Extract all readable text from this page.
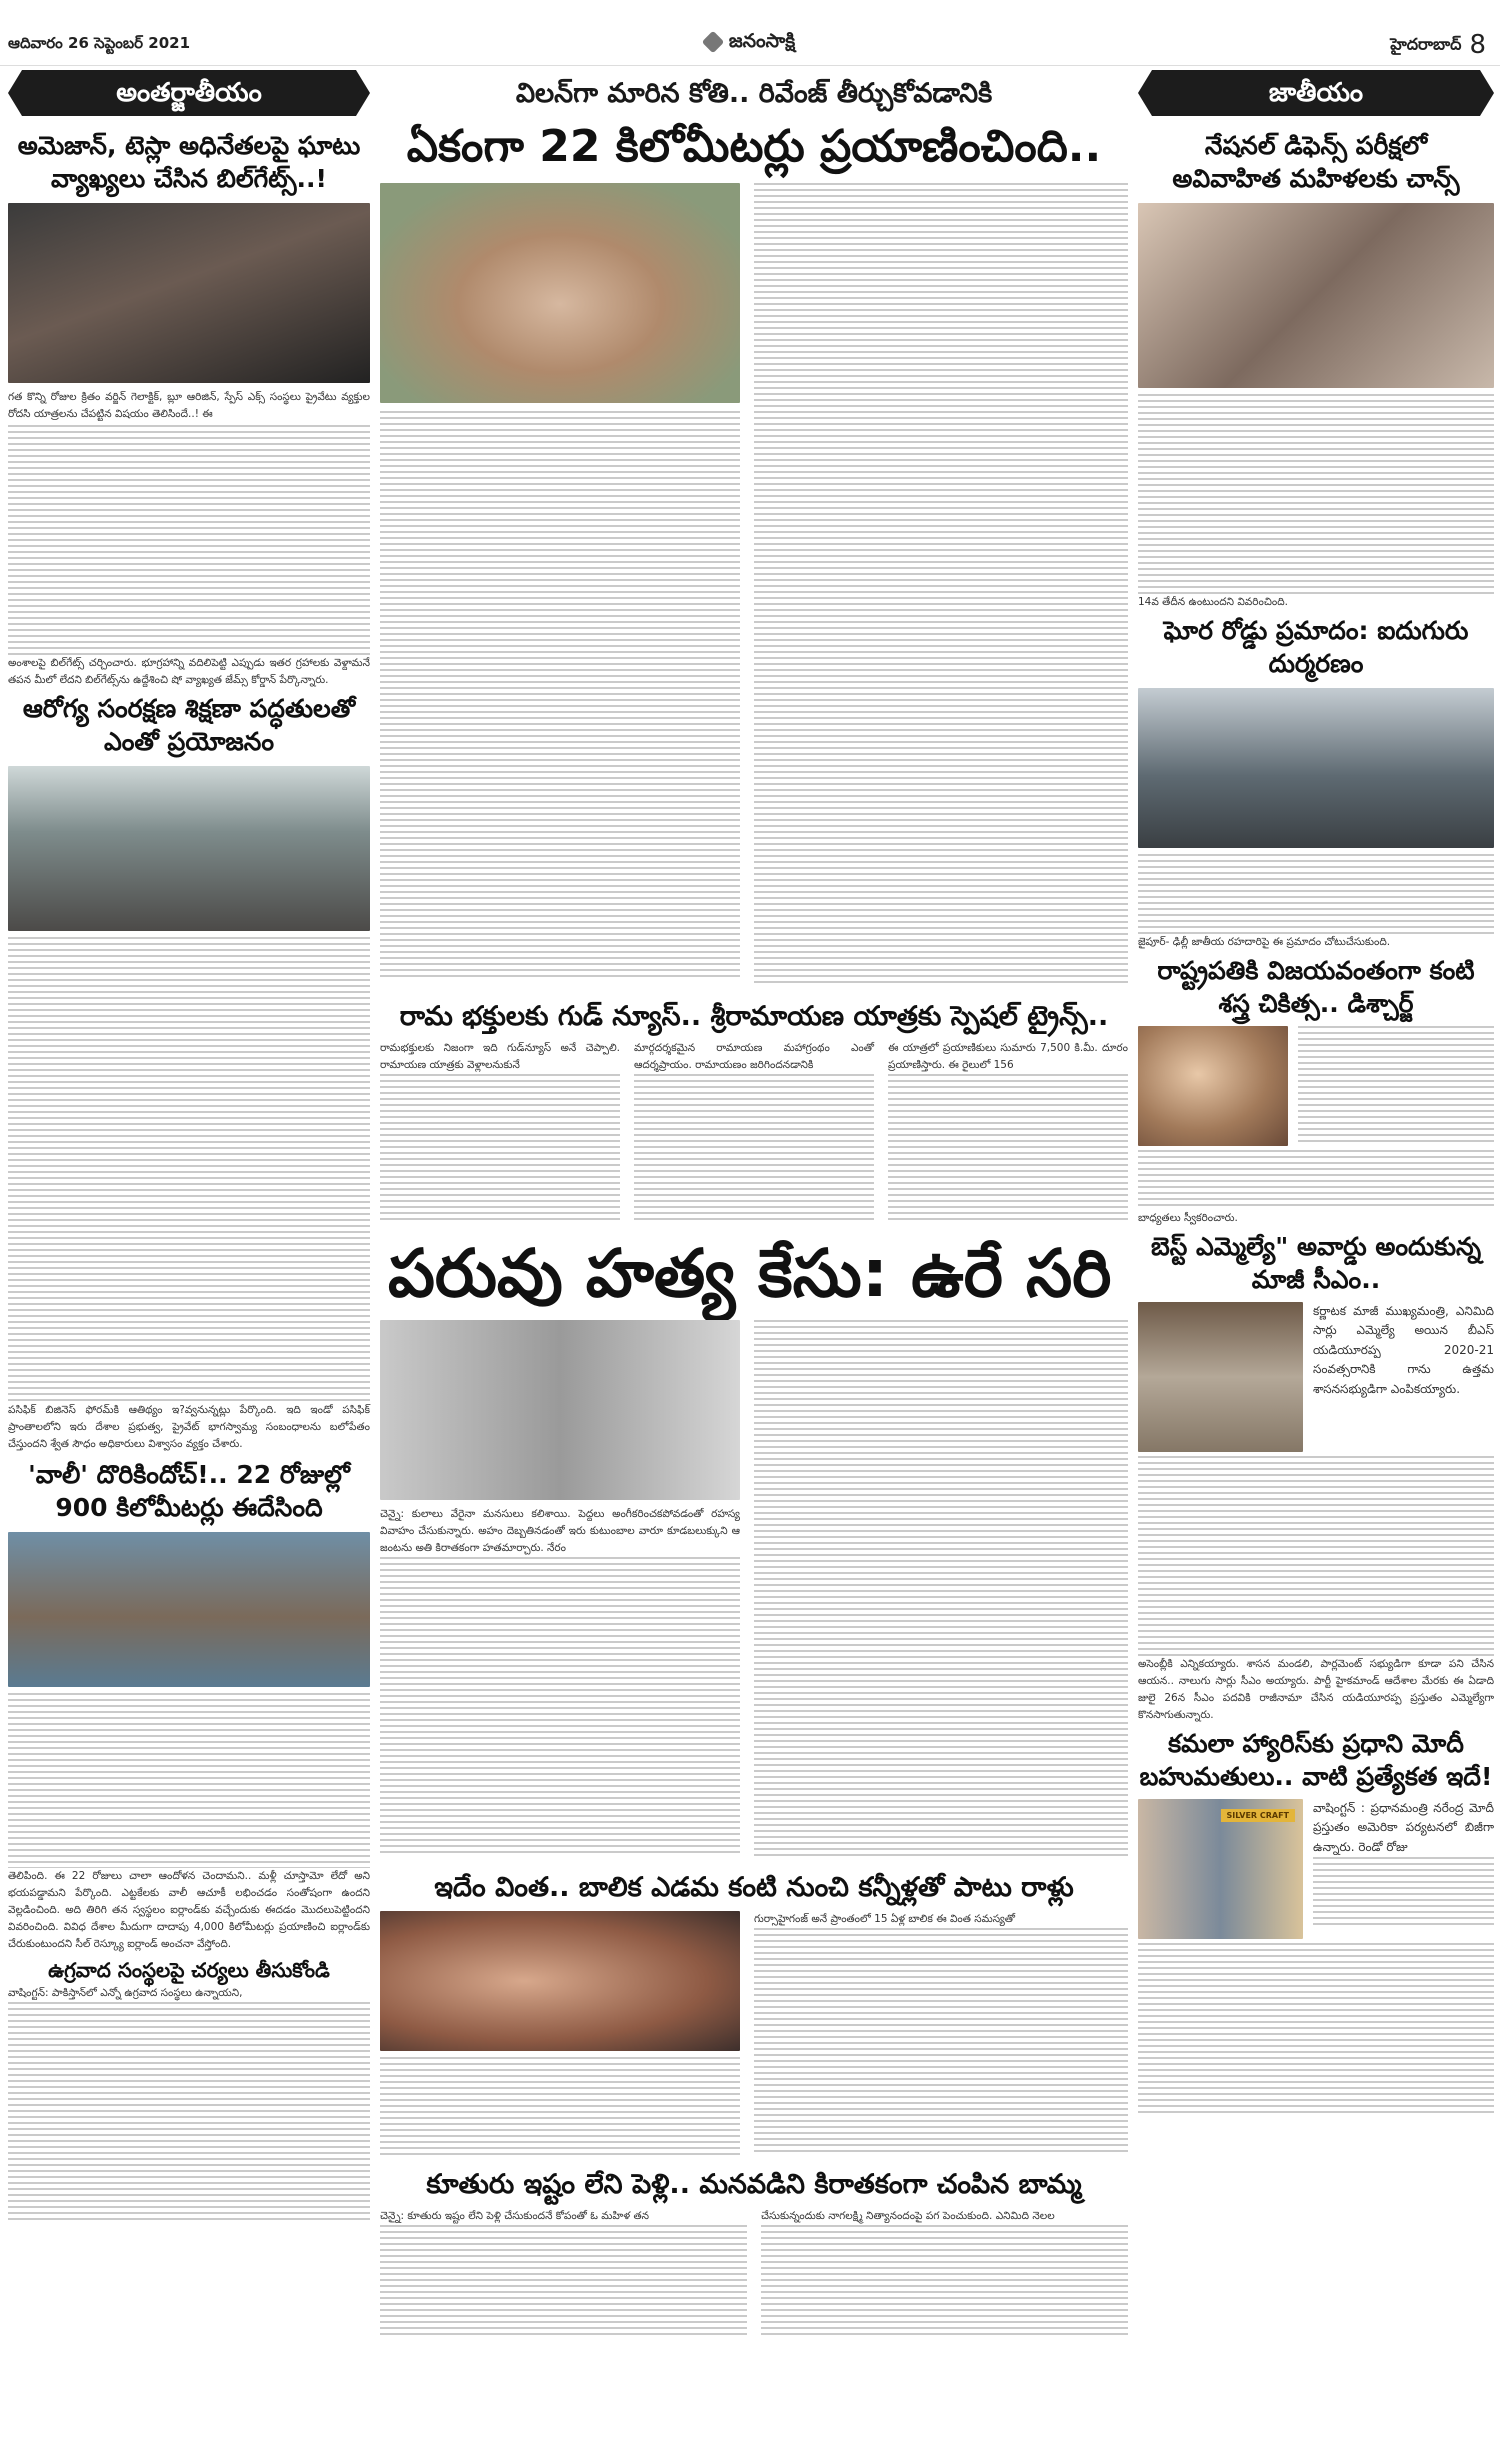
ఆదివారం 26 సెప్టెంబర్ 2021	జనంసాక్షి	హైదరాబాద్ 8
అంతర్జాతీయం
అమెజాన్, టెస్లా అధినేతలపై ఘాటు వ్యాఖ్యలు చేసిన బిల్‌గేట్స్..!

గత కొన్ని రోజుల క్రితం వర్జిన్ గెలాక్టిక్, బ్లూ ఆరిజిన్, స్పేస్ ఎక్స్ సంస్థలు ప్రైవేటు వ్యక్తుల రోదసి యాత్రలను చేపట్టిన విషయం తెలిసిందే..! ఈ

అంశాలపై బిల్‌గేట్స్ చర్చించారు. భూగ్రహాన్ని వదిలిపెట్టి ఎప్పుడు ఇతర గ్రహాలకు వెళ్దామనే తపన మీలో లేదని బిల్‌గేట్స్‌ను ఉద్దేశించి షో వ్యాఖ్యత జేమ్స్ కోర్డాన్ పేర్కొన్నారు.

ఆరోగ్య సంరక్షణ శిక్షణా పద్ధతులతో ఎంతో ప్రయోజనం

పసిఫిక్ బిజినెస్ ఫోరమ్‌కి ఆతిథ్యం ఇ?వ్వనున్నట్లు పేర్కొంది. ఇది ఇండో పసిఫిక్ ప్రాంతాలలోని ఇరు దేశాల ప్రభుత్వ, ప్రైవేట్ భాగస్వామ్య సంబంధాలను బలోపేతం చేస్తుందని శ్వేత సౌధం అధికారులు విశ్వాసం వ్యక్తం చేశారు.

'వాలీ' దొరికిందోచ్!.. 22 రోజుల్లో 900 కిలోమీటర్లు ఈదేసింది

తెలిపింది. ఈ 22 రోజులు చాలా ఆందోళన చెందామని.. మళ్లీ చూస్తామో లేదో అని భయపడ్డామని పేర్కొంది. ఎట్టకేలకు వాలీ ఆచూకీ లభించడం సంతోషంగా ఉందని వెల్లడించింది. అది తిరిగి తన స్వస్థలం ఐర్లాండ్‌కు వచ్చేందుకు ఈదడం మొదలుపెట్టిందని వివరించింది. వివిధ దేశాల మీదుగా దాదాపు 4,000 కిలోమీటర్లు ప్రయాణించి ఐర్లాండ్‌కు చేరుకుంటుందని సీల్ రెస్క్యూ ఐర్లాండ్ అంచనా వేస్తోంది.

ఉగ్రవాద సంస్థలపై చర్యలు తీసుకోండి

వాషింగ్టన్: పాకిస్తాన్‌లో ఎన్నో ఉగ్రవాద సంస్థలు ఉన్నాయని,

విలన్‌గా మారిన కోతి.. రివేంజ్ తీర్చుకోవడానికి
ఏకంగా 22 కిలోమీటర్లు ప్రయాణించింది..
రామ భక్తులకు గుడ్ న్యూస్.. శ్రీరామాయణ యాత్రకు స్పెషల్ ట్రైన్స్..

రామభక్తులకు నిజంగా ఇది గుడ్‌న్యూస్ అనే చెప్పాలి. రామాయణ యాత్రకు వెళ్లాలనుకునే

మార్గదర్శకమైన రామాయణ మహాగ్రంథం ఎంతో ఆదర్శప్రాయం. రామాయణం జరిగిందనడానికి

ఈ యాత్రలో ప్రయాణికులు సుమారు 7,500 కి.మీ. దూరం ప్రయాణిస్తారు. ఈ రైలులో 156

పరువు హత్య కేసు: ఉరే సరి

చెన్నై: కులాలు వేరైనా మనసులు కలిశాయి. పెద్దలు అంగీకరించకపోవడంతో రహస్య వివాహం చేసుకున్నారు. అహం దెబ్బతినడంతో ఇరు కుటుంబాల వారూ కూడబలుక్కుని ఆ జంటను అతి కిరాతకంగా హతమార్చారు. నేరం

ఇదేం వింత.. బాలిక ఎడమ కంటి నుంచి కన్నీళ్లతో పాటు రాళ్లు

గుర్సాహైగంజ్ అనే ప్రాంతంలో 15 ఏళ్ల బాలిక ఈ వింత సమస్యతో

కూతురు ఇష్టం లేని పెళ్లి.. మనవడిని కిరాతకంగా చంపిన బామ్మ

చెన్నై: కూతురు ఇష్టం లేని పెళ్లి చేసుకుందనే కోపంతో ఓ మహిళ తన	చేసుకున్నందుకు నాగలక్ష్మి నిత్యానందంపై పగ పెంచుకుంది. ఎనిమిది నెలల

జాతీయం
నేషనల్ డిఫెన్స్ పరీక్షలో అవివాహిత మహిళలకు చాన్స్

14వ తేదీన ఉంటుందని వివరించింది.

ఘోర రోడ్డు ప్రమాదం: ఐదుగురు దుర్మరణం

జైపూర్- ఢిల్లీ జాతీయ రహదారిపై ఈ ప్రమాదం చోటుచేసుకుంది.

రాష్ట్రపతికి విజయవంతంగా కంటి శస్త్ర చికిత్స.. డిశ్చార్జ్

బాధ్యతలు స్వీకరించారు.

బెస్ట్ ఎమ్మెల్యే" అవార్డు అందుకున్న మాజీ సీఎం..

కర్ణాటక మాజీ ముఖ్యమంత్రి, ఎనిమిది సార్లు ఎమ్మెల్యే అయిన బీఎస్ యడియూరప్ప 2020-21 సంవత్సరానికి గాను ఉత్తమ శాసనసభ్యుడిగా ఎంపికయ్యారు.

అసెంబ్లీకి ఎన్నికయ్యారు. శాసన మండలి, పార్లమెంట్ సభ్యుడిగా కూడా పని చేసిన ఆయన.. నాలుగు సార్లు సీఎం అయ్యారు. పార్టీ హైకమాండ్ ఆదేశాల మేరకు ఈ ఏడాది జులై 26న సీఎం పదవికి రాజీనామా చేసిన యడియూరప్ప ప్రస్తుతం ఎమ్మెల్యేగా కొనసాగుతున్నారు.

కమలా హ్యారిస్‌కు ప్రధాని మోదీ బహుమతులు.. వాటి ప్రత్యేకత ఇదే!
SILVER CRAFT

వాషింగ్టన్ : ప్రధానమంత్రి నరేంద్ర మోదీ ప్రస్తుతం అమెరికా పర్యటనలో బిజీగా ఉన్నారు. రెండో రోజు
